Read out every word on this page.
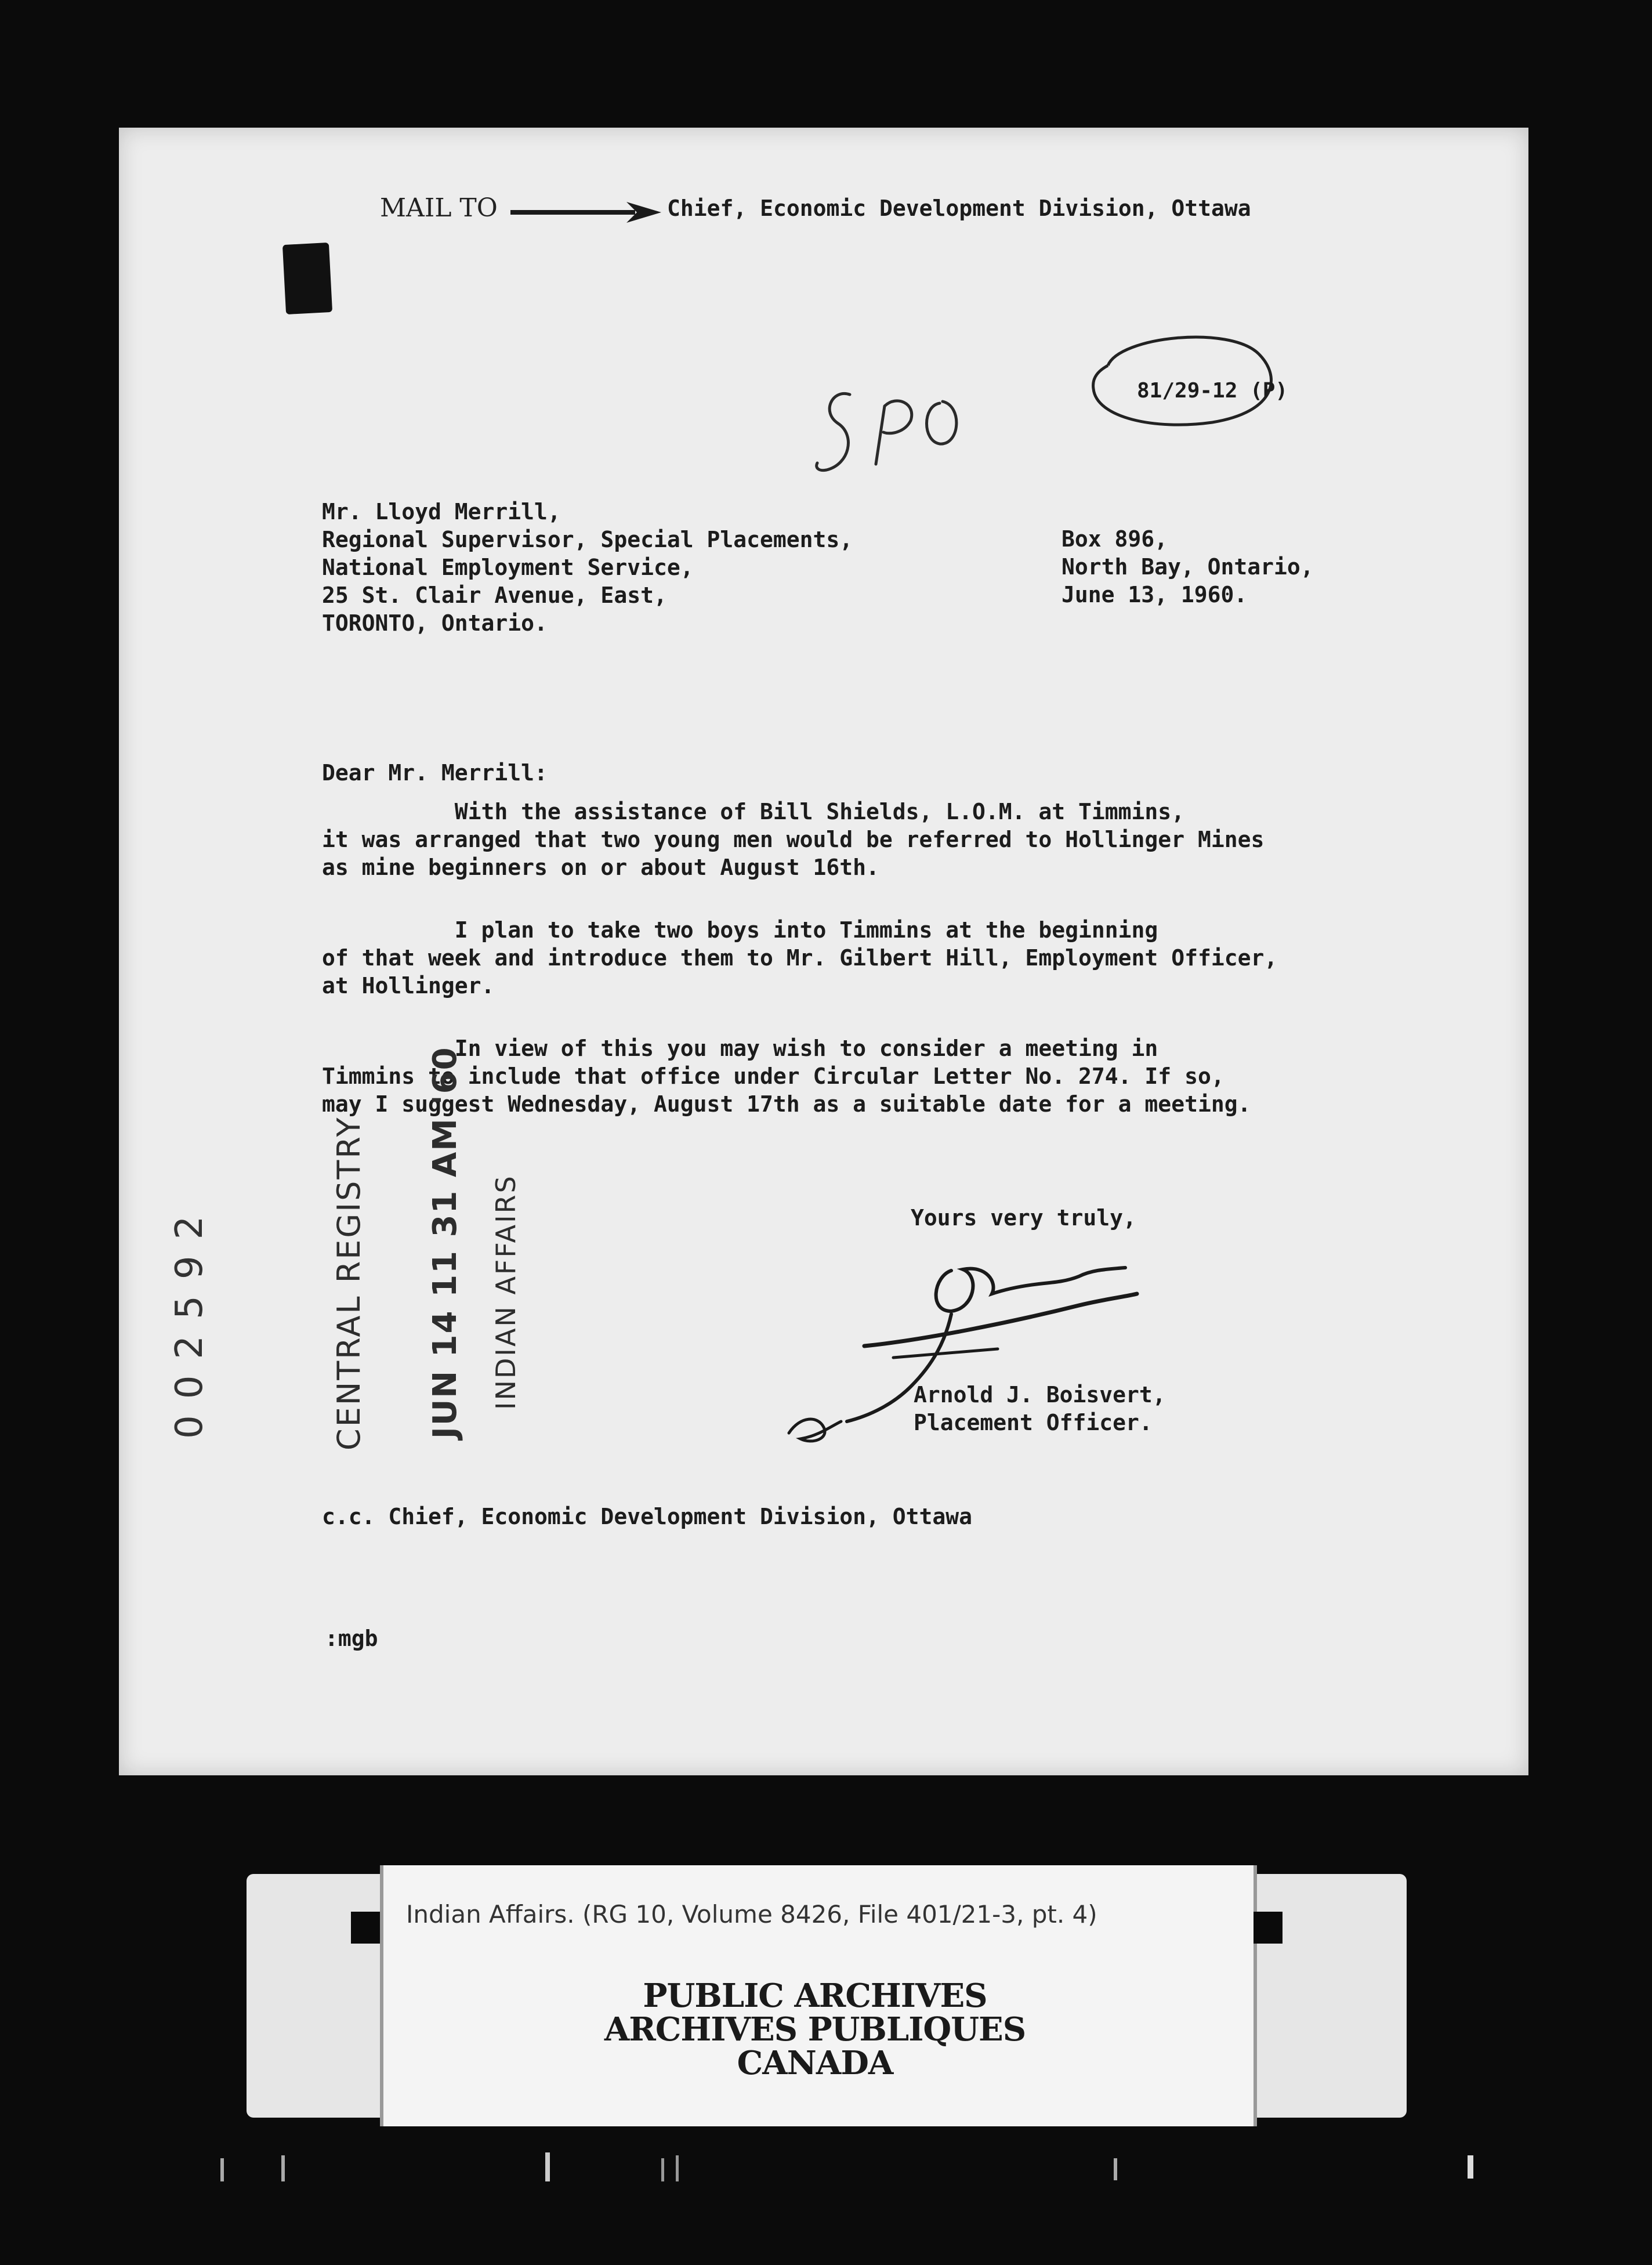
MAIL TO	Chief, Economic Development Division, Ottawa
81/29-12 (P)
Mr. Lloyd Merrill,
Regional Supervisor, Special Placements,
National Employment Service,
25 St. Clair Avenue, East,
TORONTO, Ontario.
Box 896,
North Bay, Ontario,
June 13, 1960.
Dear Mr. Merrill:
With the assistance of Bill Shields, L.O.M. at Timmins,
it was arranged that two young men would be referred to Hollinger Mines
as mine beginners on or about August 16th.
I plan to take two boys into Timmins at the beginning
of that week and introduce them to Mr. Gilbert Hill, Employment Officer,
at Hollinger.
In view of this you may wish to consider a meeting in
Timmins to include that office under Circular Letter No. 274. If so,
may I suggest Wednesday, August 17th as a suitable date for a meeting.
Yours very truly,
Arnold J. Boisvert,
Placement Officer.
c.c. Chief, Economic Development Division, Ottawa
:mgb
002592	CENTRAL REGISTRY JUN 14 11 31 AM '60 INDIAN AFFAIRS
Indian Affairs. (RG 10, Volume 8426, File 401/21-3, pt. 4)
PUBLIC ARCHIVES
ARCHIVES PUBLIQUES
CANADA
